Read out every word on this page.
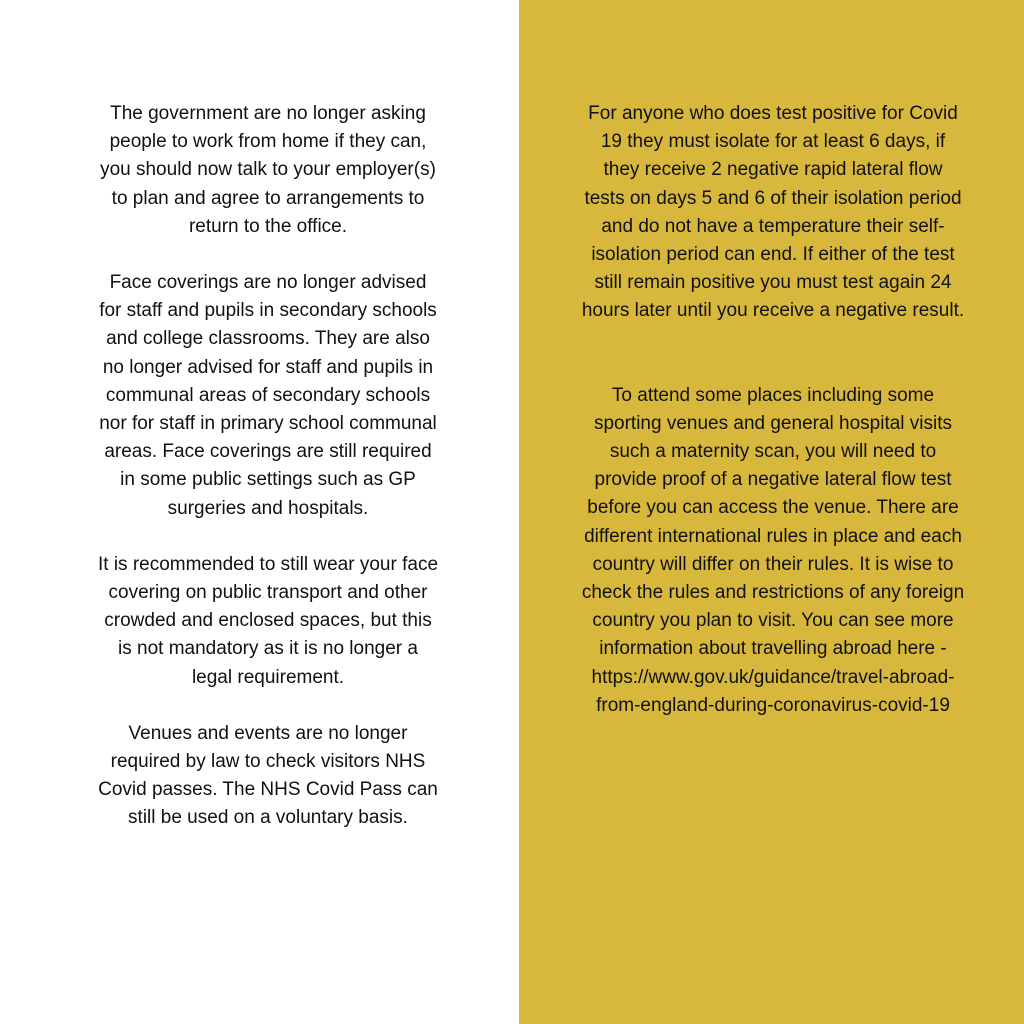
The government are no longer asking
people to work from home if they can,
you should now talk to your employer(s)
to plan and agree to arrangements to
return to the office.

Face coverings are no longer advised
for staff and pupils in secondary schools
and college classrooms. They are also
no longer advised for staff and pupils in
communal areas of secondary schools
nor for staff in primary school communal
areas. Face coverings are still required
in some public settings such as GP
surgeries and hospitals.

It is recommended to still wear your face
covering on public transport and other
crowded and enclosed spaces, but this
is not mandatory as it is no longer a
legal requirement.

Venues and events are no longer
required by law to check visitors NHS
Covid passes. The NHS Covid Pass can
still be used on a voluntary basis.

For anyone who does test positive for Covid
19 they must isolate for at least 6 days, if
they receive 2 negative rapid lateral flow
tests on days 5 and 6 of their isolation period
and do not have a temperature their self-
isolation period can end. If either of the test
still remain positive you must test again 24
hours later until you receive a negative result.

To attend some places including some
sporting venues and general hospital visits
such a maternity scan, you will need to
provide proof of a negative lateral flow test
before you can access the venue. There are
different international rules in place and each
country will differ on their rules. It is wise to
check the rules and restrictions of any foreign
country you plan to visit. You can see more
information about travelling abroad here -
https://www.gov.uk/guidance/travel-abroad-
from-england-during-coronavirus-covid-19
